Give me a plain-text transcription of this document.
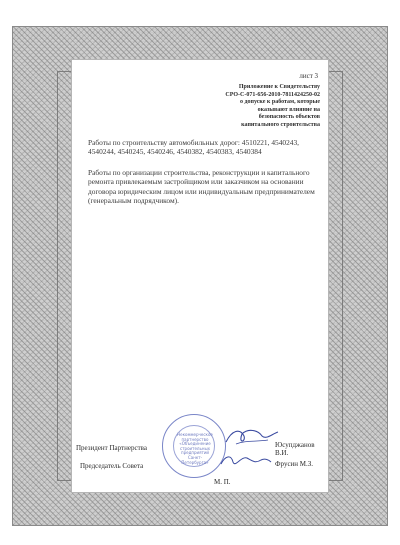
лист 3
Приложение к Свидетельству
СРО-С-071-656-2010-7811424250-02
о допуске к работам, которые
оказывают влияние на
безопасность объектов
капитального строительства
Работы по строительству автомобильных дорог: 4510221, 4540243, 4540244, 4540245, 4540246, 4540382, 4540383, 4540384
Работы по организации строительства, реконструкции и капитального ремонта привлекаемым застройщиком или заказчиком на основании договора юридическим лицом или индивидуальным предпринимателем (генеральным подрядчиком).
Некоммерческое партнерство «Объединение строительных предприятий Санкт-Петербурга»
Президент Партнерства	Юсупджанов В.И.
Председатель Совета	Фрусин М.З.
М. П.
